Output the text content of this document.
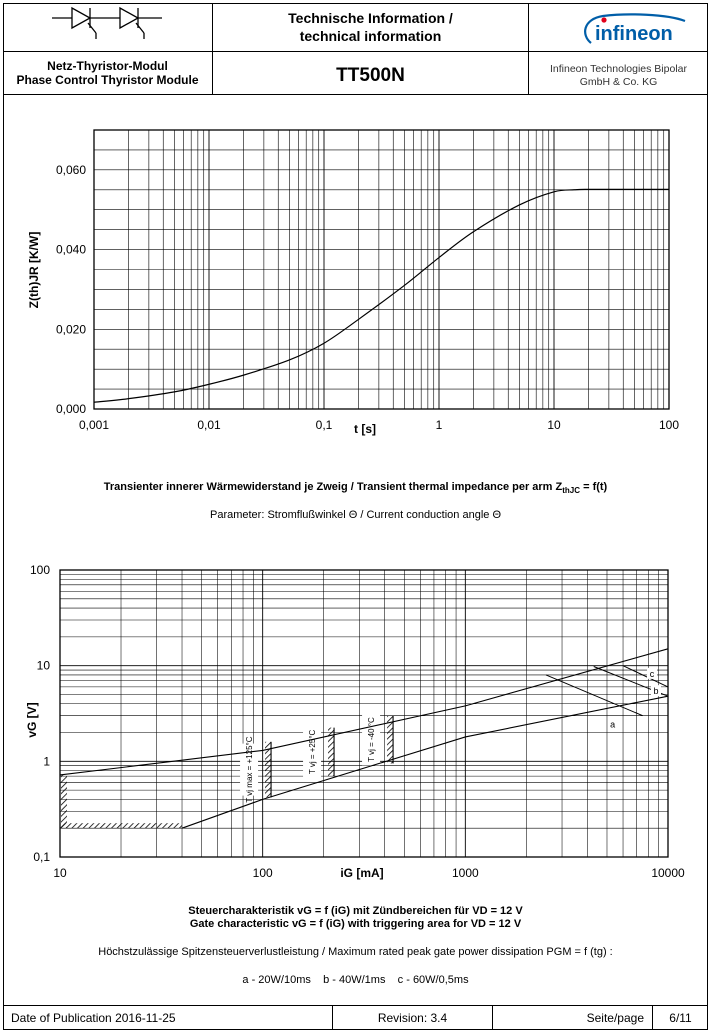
Netz-Thyristor-Modul
Phase Control Thyristor Module
Technische Information /
technical information
TT500N
infineon
Infineon Technologies Bipolar
GmbH & Co. KG
0,001	0,01	0,1	1	10	100
0,000
0,020
0,040
0,060
t [s]
Z(th)JR [K/W]
Transienter innerer Wärmewiderstand je Zweig / Transient thermal impedance per arm $Z_{thJC} = f(t)$
Parameter: Stromflußwinkel Θ / Current conduction angle Θ
T vj max = +125°C	T vj = +25°C	T vj = -40 °C	a
b
c
10	100	1000	10000
0,1
1
10
100
iG [mA]
vG [V]
Steuercharakteristik vG = f (iG) mit Zündbereichen für VD = 12 V
Gate characteristic vG = f (iG) with triggering area for VD = 12 V
Höchstzulässige Spitzensteuerverlustleistung / Maximum rated peak gate power dissipation PGM = f (tg) :
a - 20W/10ms    b - 40W/1ms    c - 60W/0,5ms
Date of Publication 2016-11-25	Revision: 3.4	Seite/page	6/11
